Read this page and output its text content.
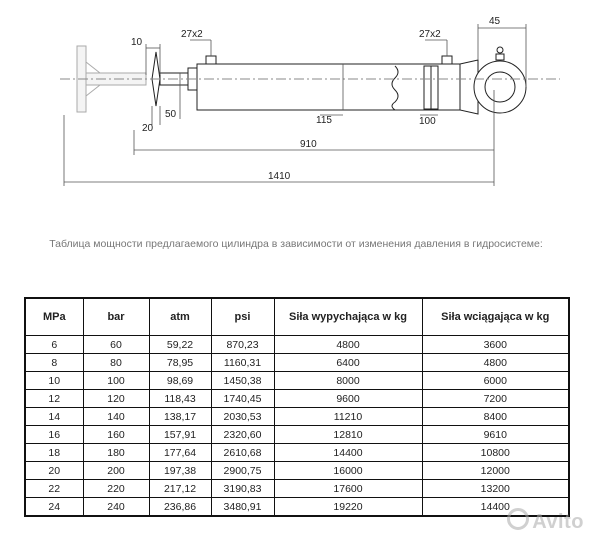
10
27x2	27x2
45
20
50
115	100
910
1410
Таблица мощности предлагаемого цилиндра в зависимости от изменения давления в гидросистеме:
MPa	bar	atm	psi	Siła wypychająca w kg	Siła wciągająca w kg
6	60	59,22	870,23	4800	3600
8	80	78,95	1160,31	6400	4800
10	100	98,69	1450,38	8000	6000
12	120	118,43	1740,45	9600	7200
14	140	138,17	2030,53	11210	8400
16	160	157,91	2320,60	12810	9610
18	180	177,64	2610,68	14400	10800
20	200	197,38	2900,75	16000	12000
22	220	217,12	3190,83	17600	13200
24	240	236,86	3480,91	19220	14400
Avito
